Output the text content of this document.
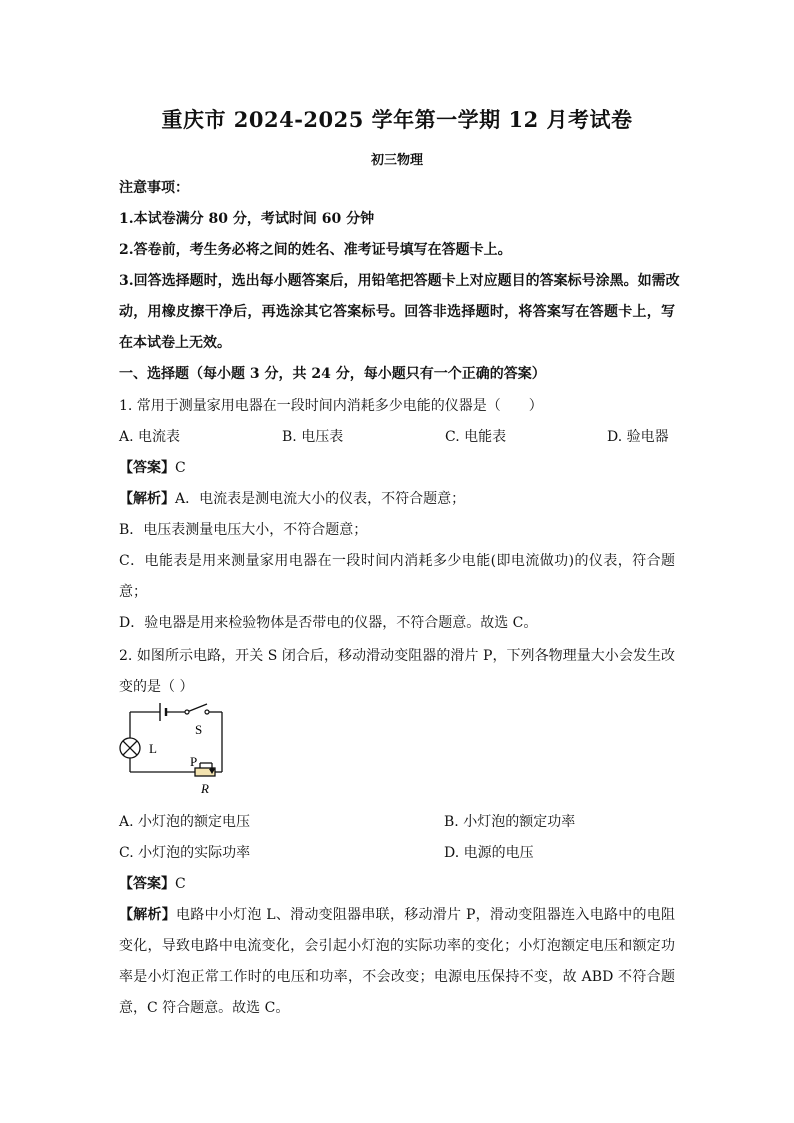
重庆市 2024-2025 学年第一学期 12 月考试卷
初三物理
注意事项：
1.本试卷满分 80 分，考试时间 60 分钟
2.答卷前，考生务必将之间的姓名、准考证号填写在答题卡上。
3.回答选择题时，选出每小题答案后，用铅笔把答题卡上对应题目的答案标号涂黑。如需改
动，用橡皮擦干净后，再选涂其它答案标号。回答非选择题时，将答案写在答题卡上，写
在本试卷上无效。
一、选择题（每小题 3 分，共 24 分，每小题只有一个正确的答案）
1. 常用于测量家用电器在一段时间内消耗多少电能的仪器是（　　）
A. 电流表	B. 电压表	C. 电能表	D. 验电器
【答案】C
【解析】A．电流表是测电流大小的仪表，不符合题意；
B．电压表测量电压大小，不符合题意；
C．电能表是用来测量家用电器在一段时间内消耗多少电能(即电流做功)的仪表，符合题
意；
D．验电器是用来检验物体是否带电的仪器，不符合题意。故选 C。
2. 如图所示电路，开关 S 闭合后，移动滑动变阻器的滑片 P，下列各物理量大小会发生改
变的是（ ）
S
L
P
R
A. 小灯泡的额定电压	B. 小灯泡的额定功率
C. 小灯泡的实际功率	D. 电源的电压
【答案】C
【解析】电路中小灯泡 L、滑动变阻器串联，移动滑片 P，滑动变阻器连入电路中的电阻
变化，导致电路中电流变化，会引起小灯泡的实际功率的变化；小灯泡额定电压和额定功
率是小灯泡正常工作时的电压和功率，不会改变；电源电压保持不变，故 ABD 不符合题
意，C 符合题意。故选 C。
